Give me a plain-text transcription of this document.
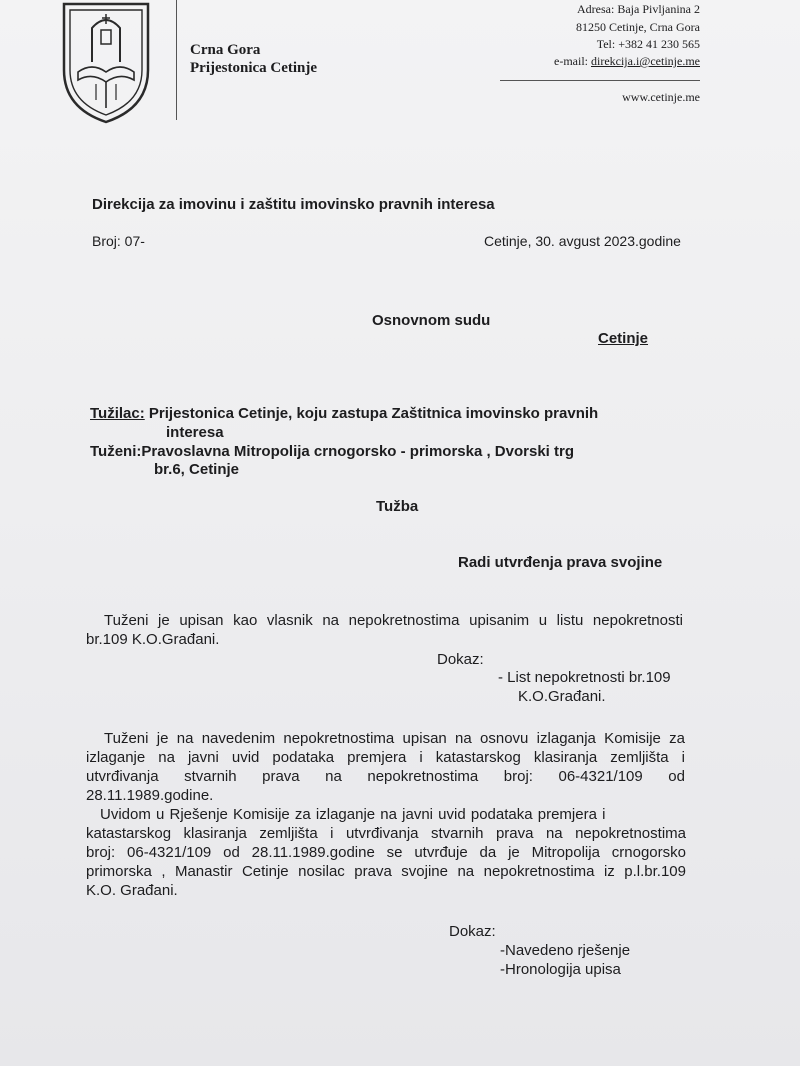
Crna Gora
Prijestonica Cetinje
Adresa: Baja Pivljanina 2
81250 Cetinje, Crna Gora
Tel: +382 41 230 565
e-mail: direkcija.i@cetinje.me
www.cetinje.me
Direkcija za imovinu i zaštitu imovinsko pravnih interesa
Broj: 07-	Cetinje, 30. avgust 2023.godine
Osnovnom sudu
Cetinje
Tužilac: Prijestonica Cetinje, koju zastupa Zaštitnica imovinsko pravnih
interesa
Tuženi:Pravoslavna Mitropolija crnogorsko - primorska , Dvorski trg
br.6, Cetinje
Tužba
Radi utvrđenja prava svojine
Tuženi je upisan kao vlasnik na nepokretnostima upisanim u listu nepokretnosti
br.109 K.O.Građani.
Dokaz:
- List nepokretnosti br.109
K.O.Građani.
Tuženi je na navedenim nepokretnostima upisan na osnovu izlaganja Komisije za
izlaganje na javni uvid podataka premjera i katastarskog klasiranja zemljišta i
utvrđivanja stvarnih prava na nepokretnostima broj: 06-4321/109 od
28.11.1989.godine.
Uvidom u Rješenje Komisije za izlaganje na javni uvid podataka premjera i
katastarskog klasiranja zemljišta i utvrđivanja stvarnih prava na nepokretnostima
broj: 06-4321/109 od 28.11.1989.godine se utvrđuje da je Mitropolija crnogorsko
primorska , Manastir Cetinje nosilac prava svojine na nepokretnostima iz p.l.br.109
K.O. Građani.
Dokaz:
-Navedeno rješenje
-Hronologija upisa
